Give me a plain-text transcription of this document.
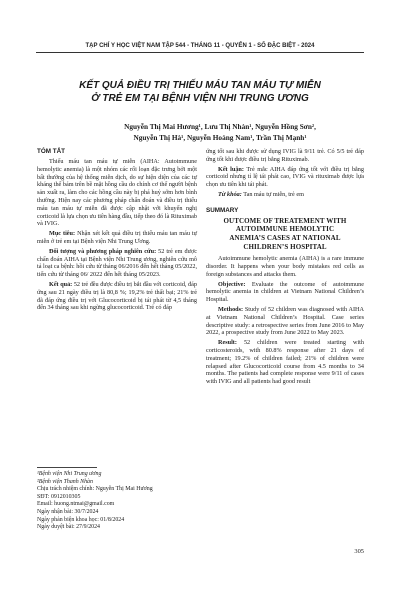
TẠP CHÍ Y HỌC VIỆT NAM TẬP 544 - THÁNG 11 - QUYỂN 1 - SỐ ĐẶC BIỆT - 2024
KẾT QUẢ ĐIỀU TRỊ THIẾU MÁU TAN MÁU TỰ MIỄN
Ở TRẺ EM TẠI BỆNH VIỆN NHI TRUNG ƯƠNG
Nguyễn Thị Mai Hương¹, Lưu Thị Nhàn¹, Nguyễn Hồng Sơn²,
Nguyễn Thị Hà¹, Nguyễn Hoàng Nam¹, Trần Thị Mạnh¹
TÓM TẮT

Thiếu máu tan máu tự miễn (AIHA: Autoimmune hemolytic anemia) là một nhóm các rối loạn đặc trưng bởi một bất thường của hệ thống miễn dịch, do sự hiện diện của các tự kháng thể bám trên bề mặt hồng cầu do chính cơ thể người bệnh sản xuất ra, làm cho các hồng cầu này bị phá huỷ sớm hơn bình thường. Hiện nay các phương pháp chẩn đoán và điều trị thiếu máu tan máu tự miễn đã được cập nhật với khuyến nghị corticoid là lựa chọn ưu tiên hàng đầu, tiếp theo đó là Rituximab và IVIG.

Mục tiêu: Nhận xét kết quả điều trị thiếu máu tan máu tự miễn ở trẻ em tại Bệnh viện Nhi Trung Ương.

Đối tượng và phương pháp nghiên cứu: 52 trẻ em được chẩn đoán AIHA tại Bệnh viện Nhi Trung ương, nghiên cứu mô tả loạt ca bệnh: hồi cứu từ tháng 06/2016 đến hết tháng 05/2022, tiến cứu từ tháng 06/ 2022 đến hết tháng 05/2023.

Kết quả: 52 trẻ đều được điều trị bắt đầu với corticoid, đáp ứng sau 21 ngày điều trị là 80,8 %; 19,2% trẻ thất bại; 21% trẻ đã đáp ứng điều trị với Glucocorticoid bị tái phát từ 4,5 tháng đến 34 tháng sau khi ngừng glucocorticoid. Trẻ có đáp

¹Bệnh viện Nhi Trung ương

²Bệnh viện Thanh Nhàn

Chịu trách nhiệm chính: Nguyễn Thị Mai Hương

SĐT: 0912010305

Email: huong.ntmai@gmail.com

Ngày nhận bài: 30/7/2024

Ngày phản biện khoa học: 01/8/2024

Ngày duyệt bài: 27/9/2024

ứng tốt sau khi được sử dụng IVIG là 9/11 trẻ. Có 5/5 trẻ đáp ứng tốt khi được điều trị bằng Rituximab.

Kết luận: Trẻ mắc AIHA đáp ứng tốt với điều trị bằng corticoid nhưng tỉ lệ tái phát cao, IVIG và rituximab được lựa chọn ưu tiên khi tái phát.

Từ khóa: Tan máu tự miễn, trẻ em

SUMMARY
OUTCOME OF TREATEMENT WITH
AUTOIMMUNE HEMOLYTIC
ANEMIA’S CASES AT NATIONAL
CHILDREN’S HOSPITAL

Autoimmune hemolytic anemia (AIHA) is a rare immune disorder. It happens when your body mistakes red cells as foreign substances and attacks them.

Objective: Evaluate the outcome of autoimmune hemolytic anemia in children at Vietnam National Children’s Hospital.

Methods: Study of 52 children was diagnosed with AIHA at Vietnam National Children’s Hospital. Case series descriptive study: a retrospective series from June 2016 to May 2022, a prospective study from June 2022 to May 2023.

Result: 52 children were treated starting with corticosteroids, with 80.8% response after 21 days of treatment; 19.2% of children failed; 21% of children were relapsed after Glucocorticoid course from 4.5 months to 34 months. The patients had complete response were 9/11 of cases with IVIG and all patients had good result

305
